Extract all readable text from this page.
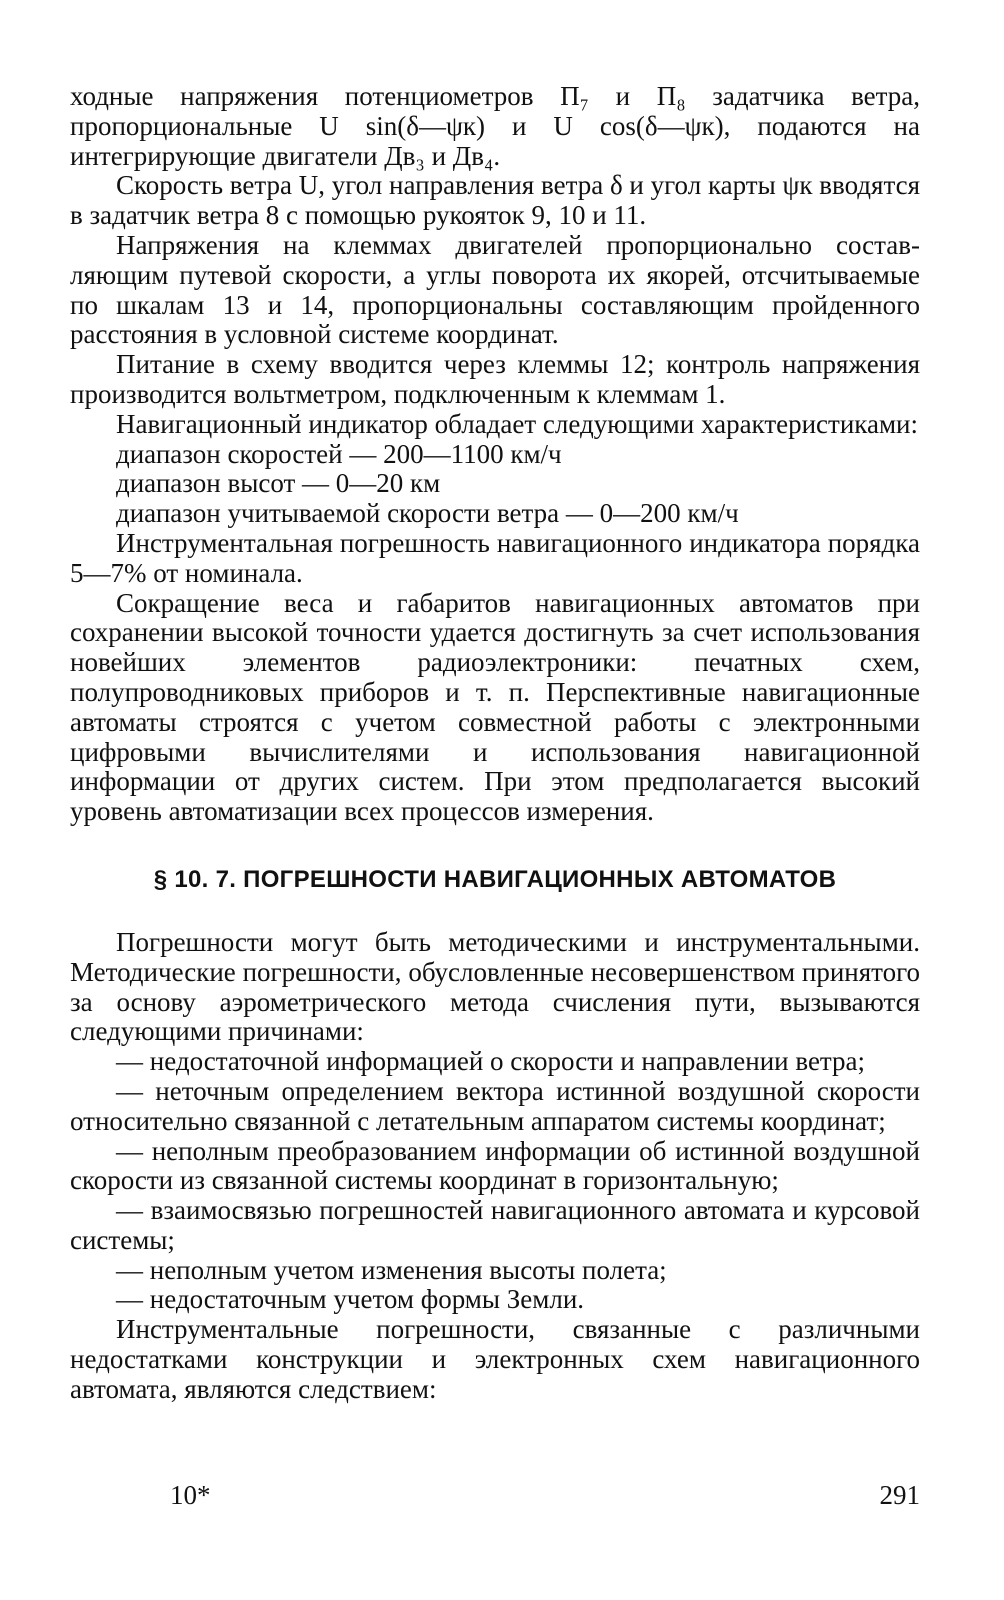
ходные напряжения потенциометров П₇ и П₈ задатчика ветра, пропорциональные U sin(δ—ψк) и U cos(δ—ψк), подаются на интегрирующие двигатели Дв₃ и Дв₄.

Скорость ветра U, угол направления ветра δ и угол карты ψк вводятся в задатчик ветра 8 с помощью рукояток 9, 10 и 11.

Напряжения на клеммах двигателей пропорционально составляющим путевой скорости, а углы поворота их якорей, отсчитываемые по шкалам 13 и 14, пропорциональны составляющим пройденного расстояния в условной системе координат.

Питание в схему вводится через клеммы 12; контроль напряжения производится вольтметром, подключенным к клеммам 1.

Навигационный индикатор обладает следующими характеристиками:

диапазон скоростей — 200—1100 км/ч

диапазон высот — 0—20 км

диапазон учитываемой скорости ветра — 0—200 км/ч

Инструментальная погрешность навигационного индикатора порядка 5—7% от номинала.

Сокращение веса и габаритов навигационных автоматов при сохранении высокой точности удается достигнуть за счет использования новейших элементов радиоэлектроники: печатных схем, полупроводниковых приборов и т. п. Перспективные навигационные автоматы строятся с учетом совместной работы с электронными цифровыми вычислителями и использования навигационной информации от других систем. При этом предполагается высокий уровень автоматизации всех процессов измерения.

§ 10. 7. ПОГРЕШНОСТИ НАВИГАЦИОННЫХ АВТОМАТОВ

Погрешности могут быть методическими и инструментальными. Методические погрешности, обусловленные несовершенством принятого за основу аэрометрического метода счисления пути, вызываются следующими причинами:

— недостаточной информацией о скорости и направлении ветра;

— неточным определением вектора истинной воздушной скорости относительно связанной с летательным аппаратом системы координат;

— неполным преобразованием информации об истинной воздушной скорости из связанной системы координат в горизонтальную;

— взаимосвязью погрешностей навигационного автомата и курсовой системы;

— неполным учетом изменения высоты полета;

— недостаточным учетом формы Земли.

Инструментальные погрешности, связанные с различными недостатками конструкции и электронных схем навигационного автомата, являются следствием:

10*	291
